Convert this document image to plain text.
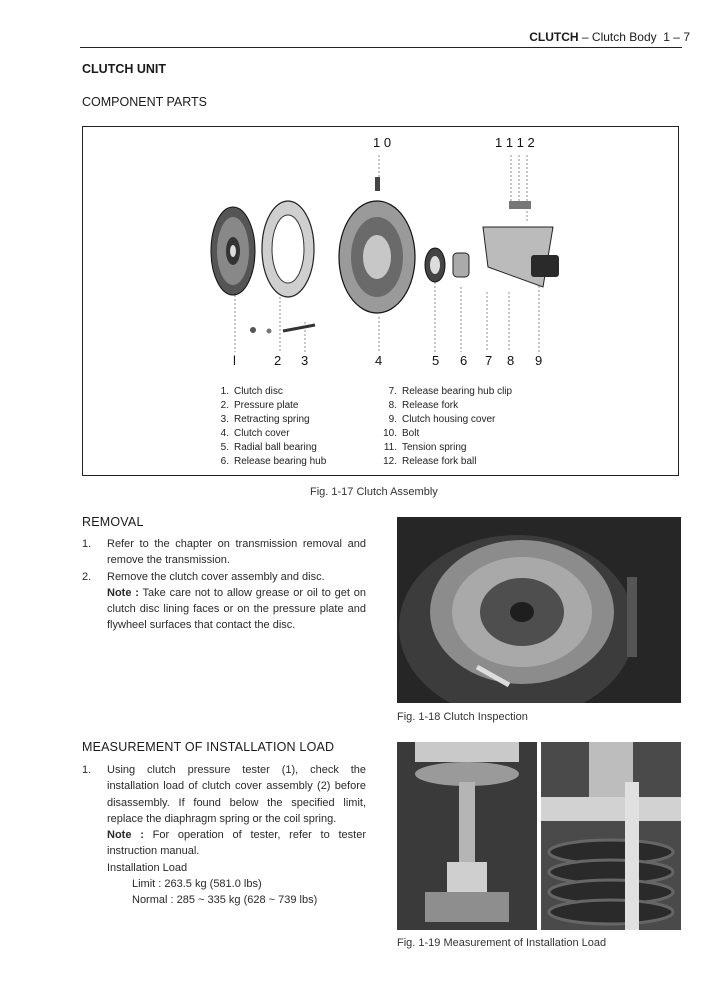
CLUTCH – Clutch Body 1 – 7
CLUTCH UNIT
COMPONENT PARTS
1 0	1 1 1 2
l	2 3	4	5 6 7 8 9
1. Clutch disc
2. Pressure plate
3. Retracting spring
4. Clutch cover
5. Radial ball bearing
6. Release bearing hub
7. Release bearing hub clip
8. Release fork
9. Clutch housing cover
10. Bolt
11. Tension spring
12. Release fork ball
Fig. 1-17 Clutch Assembly
REMOVAL
1. Refer to the chapter on transmission removal and remove the transmission.
2. Remove the clutch cover assembly and disc.
Note : Take care not to allow grease or oil to get on clutch disc lining faces or on the pressure plate and flywheel surfaces that contact the disc.
Fig. 1-18 Clutch Inspection
MEASUREMENT OF INSTALLATION LOAD
1. Using clutch pressure tester (1), check the installation load of clutch cover assembly (2) before disassembly. If found below the specified limit, replace the diaphragm spring or the coil spring.
Note : For operation of tester, refer to tester instruction manual.
Installation Load
Limit : 263.5 kg (581.0 lbs)
Normal : 285 ~ 335 kg (628 ~ 739 lbs)
Fig. 1-19 Measurement of Installation Load
